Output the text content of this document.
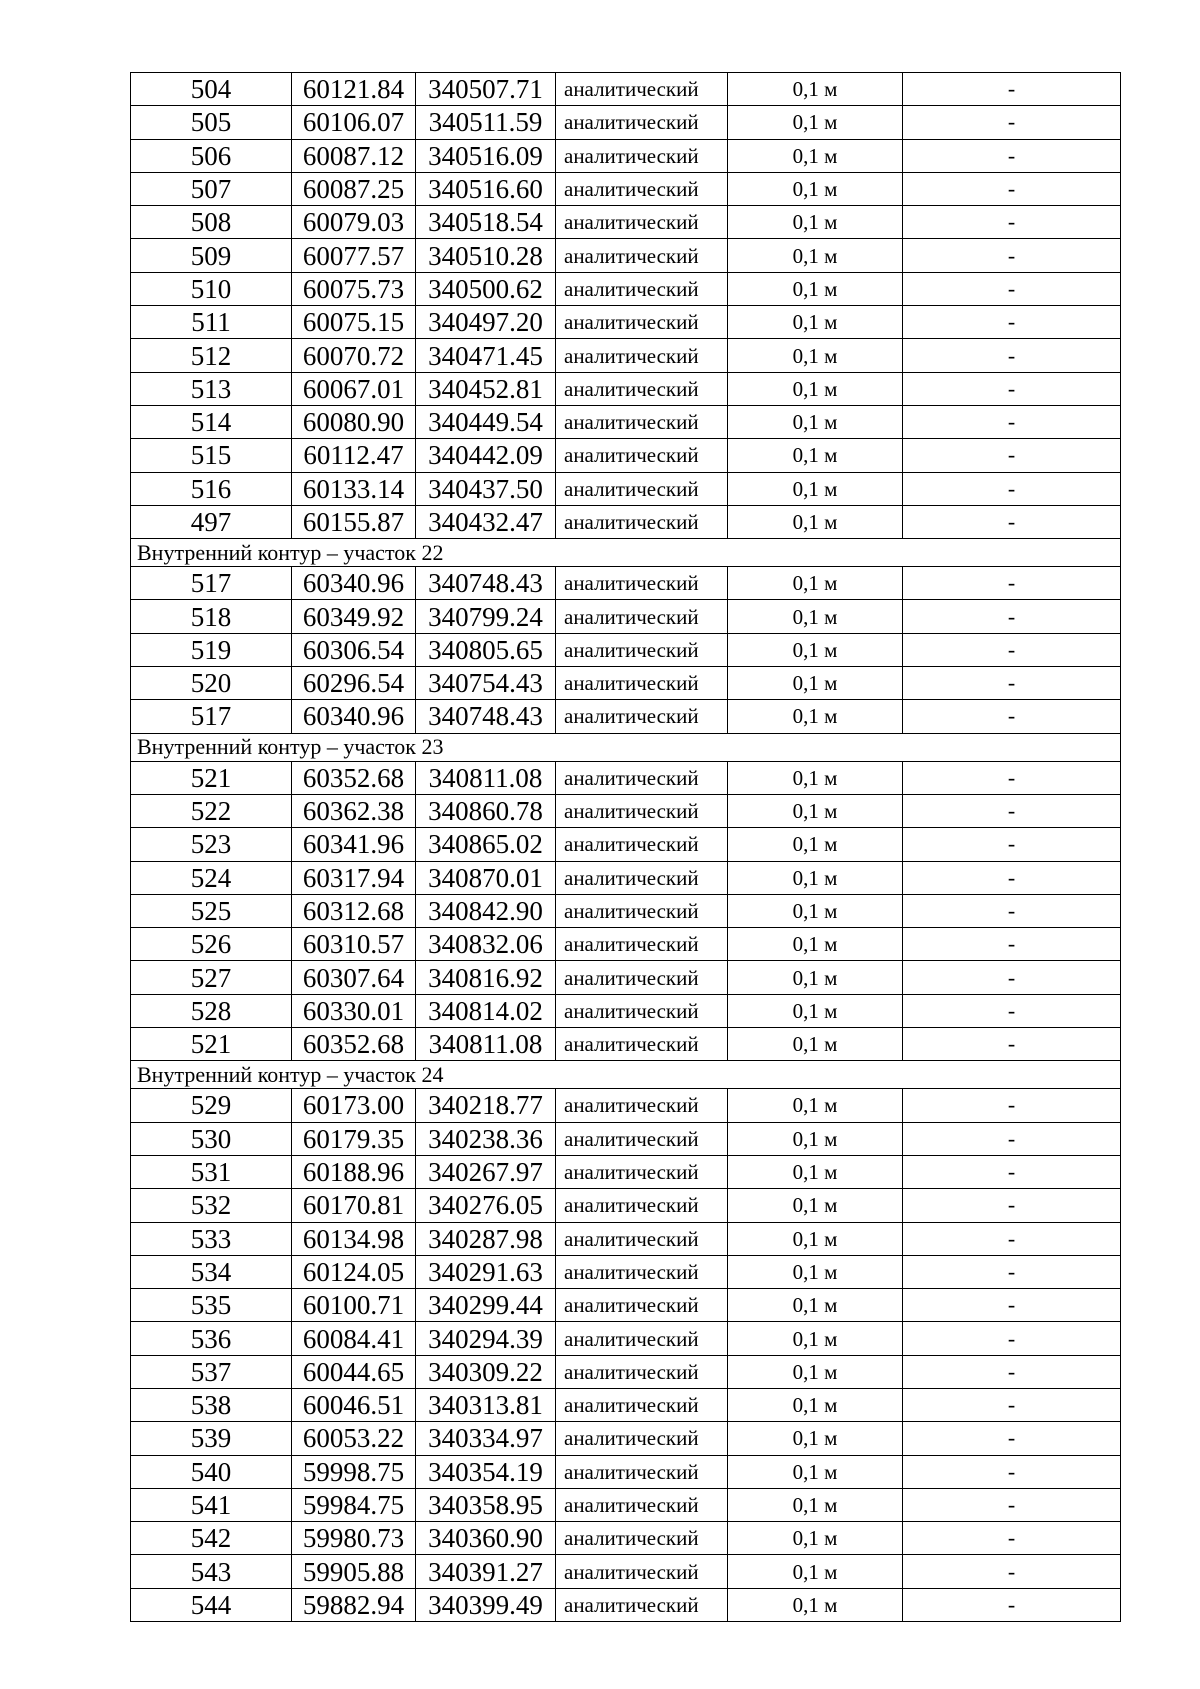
504	60121.84	340507.71	аналитический	0,1 м	-
505	60106.07	340511.59	аналитический	0,1 м	-
506	60087.12	340516.09	аналитический	0,1 м	-
507	60087.25	340516.60	аналитический	0,1 м	-
508	60079.03	340518.54	аналитический	0,1 м	-
509	60077.57	340510.28	аналитический	0,1 м	-
510	60075.73	340500.62	аналитический	0,1 м	-
511	60075.15	340497.20	аналитический	0,1 м	-
512	60070.72	340471.45	аналитический	0,1 м	-
513	60067.01	340452.81	аналитический	0,1 м	-
514	60080.90	340449.54	аналитический	0,1 м	-
515	60112.47	340442.09	аналитический	0,1 м	-
516	60133.14	340437.50	аналитический	0,1 м	-
497	60155.87	340432.47	аналитический	0,1 м	-
Внутренний контур – участок 22					
517	60340.96	340748.43	аналитический	0,1 м	-
518	60349.92	340799.24	аналитический	0,1 м	-
519	60306.54	340805.65	аналитический	0,1 м	-
520	60296.54	340754.43	аналитический	0,1 м	-
517	60340.96	340748.43	аналитический	0,1 м	-
Внутренний контур – участок 23					
521	60352.68	340811.08	аналитический	0,1 м	-
522	60362.38	340860.78	аналитический	0,1 м	-
523	60341.96	340865.02	аналитический	0,1 м	-
524	60317.94	340870.01	аналитический	0,1 м	-
525	60312.68	340842.90	аналитический	0,1 м	-
526	60310.57	340832.06	аналитический	0,1 м	-
527	60307.64	340816.92	аналитический	0,1 м	-
528	60330.01	340814.02	аналитический	0,1 м	-
521	60352.68	340811.08	аналитический	0,1 м	-
Внутренний контур – участок 24					
529	60173.00	340218.77	аналитический	0,1 м	-
530	60179.35	340238.36	аналитический	0,1 м	-
531	60188.96	340267.97	аналитический	0,1 м	-
532	60170.81	340276.05	аналитический	0,1 м	-
533	60134.98	340287.98	аналитический	0,1 м	-
534	60124.05	340291.63	аналитический	0,1 м	-
535	60100.71	340299.44	аналитический	0,1 м	-
536	60084.41	340294.39	аналитический	0,1 м	-
537	60044.65	340309.22	аналитический	0,1 м	-
538	60046.51	340313.81	аналитический	0,1 м	-
539	60053.22	340334.97	аналитический	0,1 м	-
540	59998.75	340354.19	аналитический	0,1 м	-
541	59984.75	340358.95	аналитический	0,1 м	-
542	59980.73	340360.90	аналитический	0,1 м	-
543	59905.88	340391.27	аналитический	0,1 м	-
544	59882.94	340399.49	аналитический	0,1 м	-
